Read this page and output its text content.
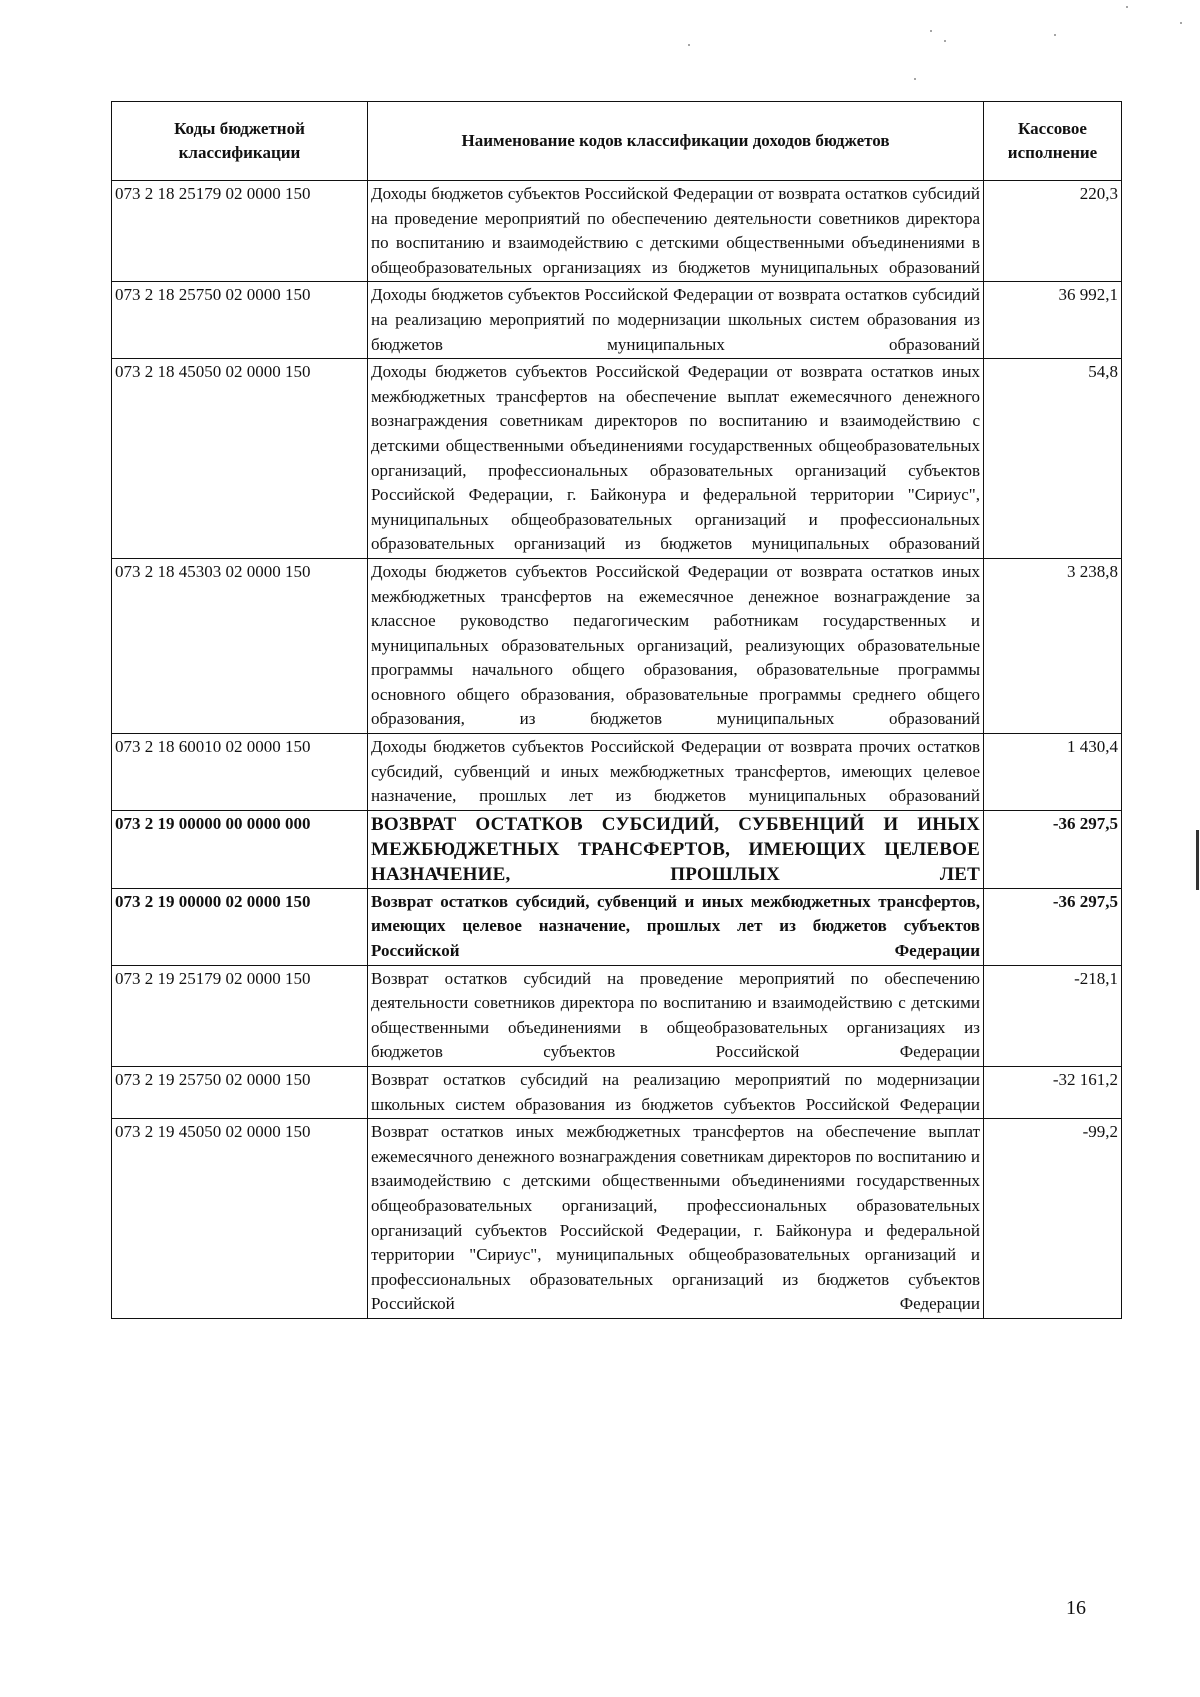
Коды бюджетной классификации	Наименование кодов классификации доходов бюджетов	Кассовое исполнение
073 2 18 25179 02 0000 150	Доходы бюджетов субъектов Российской Федерации от возврата остатков субсидий на проведение мероприятий по обеспечению деятельности советников директора по воспитанию и взаимодействию с детскими общественными объединениями в общеобразовательных организациях из бюджетов муниципальных образований	220,3
073 2 18 25750 02 0000 150	Доходы бюджетов субъектов Российской Федерации от возврата остатков субсидий на реализацию мероприятий по модернизации школьных систем образования из бюджетов муниципальных образований	36 992,1
073 2 18 45050 02 0000 150	Доходы бюджетов субъектов Российской Федерации от возврата остатков иных межбюджетных трансфертов на обеспечение выплат ежемесячного денежного вознаграждения советникам директоров по воспитанию и взаимодействию с детскими общественными объединениями государственных общеобразовательных организаций, профессиональных образовательных организаций субъектов Российской Федерации, г. Байконура и федеральной территории "Сириус", муниципальных общеобразовательных организаций и профессиональных образовательных организаций из бюджетов муниципальных образований	54,8
073 2 18 45303 02 0000 150	Доходы бюджетов субъектов Российской Федерации от возврата остатков иных межбюджетных трансфертов на ежемесячное денежное вознаграждение за классное руководство педагогическим работникам государственных и муниципальных образовательных организаций, реализующих образовательные программы начального общего образования, образовательные программы основного общего образования, образовательные программы среднего общего образования, из бюджетов муниципальных образований	3 238,8
073 2 18 60010 02 0000 150	Доходы бюджетов субъектов Российской Федерации от возврата прочих остатков субсидий, субвенций и иных межбюджетных трансфертов, имеющих целевое назначение, прошлых лет из бюджетов муниципальных образований	1 430,4
073 2 19 00000 00 0000 000	ВОЗВРАТ ОСТАТКОВ СУБСИДИЙ, СУБВЕНЦИЙ И ИНЫХ МЕЖБЮДЖЕТНЫХ ТРАНСФЕРТОВ, ИМЕЮЩИХ ЦЕЛЕВОЕ НАЗНАЧЕНИЕ, ПРОШЛЫХ ЛЕТ	-36 297,5
073 2 19 00000 02 0000 150	Возврат остатков субсидий, субвенций и иных межбюджетных трансфертов, имеющих целевое назначение, прошлых лет из бюджетов субъектов Российской Федерации	-36 297,5
073 2 19 25179 02 0000 150	Возврат остатков субсидий на проведение мероприятий по обеспечению деятельности советников директора по воспитанию и взаимодействию с детскими общественными объединениями в общеобразовательных организациях из бюджетов субъектов Российской Федерации	-218,1
073 2 19 25750 02 0000 150	Возврат остатков субсидий на реализацию мероприятий по модернизации школьных систем образования из бюджетов субъектов Российской Федерации	-32 161,2
073 2 19 45050 02 0000 150	Возврат остатков иных межбюджетных трансфертов на обеспечение выплат ежемесячного денежного вознаграждения советникам директоров по воспитанию и взаимодействию с детскими общественными объединениями государственных общеобразовательных организаций, профессиональных образовательных организаций субъектов Российской Федерации, г. Байконура и федеральной территории "Сириус", муниципальных общеобразовательных организаций и профессиональных образовательных организаций из бюджетов субъектов Российской Федерации	-99,2
16
